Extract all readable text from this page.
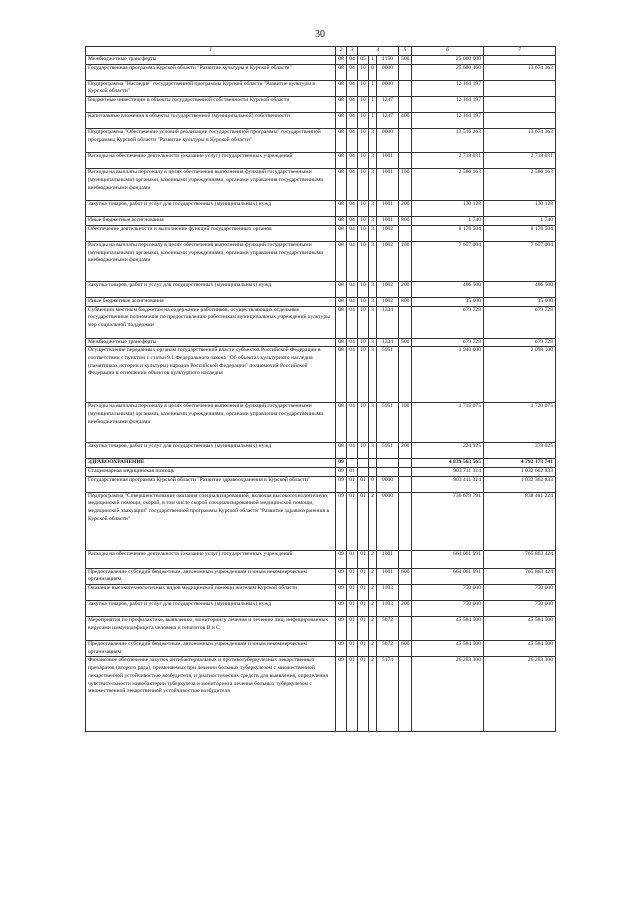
30
1	2	3	4			5	6	7
Межбюджетные трансферты	08	04	05	1	1150	500	25 000 000	
Государственная программа Курской области "Развитие культуры в Курской области"	08	04	10	0	0000		25 680 460	13 674 363
Подпрограмма "Наследие" государственной программы Курской области "Развитие культуры в Курской области"	08	04	10	1	0000		12 164 197	
Бюджетные инвестиции в объекты государственной собственности Курской области	08	04	10	1	1247		12 164 197	
Капитальные вложения в объекты государственной (муниципальной) собственности	08	04	10	1	1247	400	12 164 197	
Подпрограмма "Обеспечение условий реализации государственной программы" государственной программы Курской области "Развитие культуры в Курской области"	08	04	10	3	0000		13 516 263	13 674 363
Расходы на обеспечение деятельности (оказание услуг) государственных учреждений	08	04	10	3	1001		2 718 031	2 718 031
Расходы на выплаты персоналу в целях обеспечения выполнения функций государственными (муниципальными) органами, казенными учреждениями, органами управления государственными внебюджетными фондами	08	04	10	3	1001	100	2 586 163	2 586 163
Закупка товаров, работ и услуг для государственных (муниципальных) нужд	08	04	10	3	1001	200	130 128	130 128
Иные бюджетные ассигнования	08	04	10	3	1001	800	1 740	1 740
Обеспечение деятельности и выполнение функций государственных органов	08	04	10	3	1002		8 178 504	8 178 504
Расходы на выплаты персоналу в целях обеспечения выполнения функций государственными (муниципальными) органами, казенными учреждениями, органами управления государственными внебюджетными фондами	08	04	10	3	1002	100	7 657 004	7 657 004
Закупка товаров, работ и услуг для государственных (муниципальных) нужд	08	04	10	3	1002	200	486 500	486 500
Иные бюджетные ассигнования	08	04	10	3	1002	800	35 000	35 000
Субвенции местным бюджетам на содержание работников, осуществляющих отдельные государственные полномочия по предоставлению работникам муниципальных учреждений культуры мер социальной поддержки	08	04	10	3	1334		679 728	679 728
Межбюджетные трансферты	08	04	10	3	1334	500	679 728	679 728
Осуществление переданных органам государственной власти субъектов Российской Федерации в соответствии с пунктом 1 статьи 9.1 Федерального закона "Об объектах культурного наследия (памятниках истории и культуры) народов Российской Федерации" полномочий Российской Федерации в отношении объектов культурного наследия	08	04	10	3	5951		1 940 000	2 098 100
Расходы на выплаты персоналу в целях обеспечения выполнения функций государственными (муниципальными) органами, казенными учреждениями, органами управления государственными внебюджетными фондами	08	04	10	3	5951	100	1 715 075	1 720 075
Закупка товаров, работ и услуг для государственных (муниципальных) нужд	08	04	10	3	5951	200	224 925	378 025
ЗДРАВООХРАНЕНИЕ	09						4 839 563 565	4 792 173 741
Стационарная медицинская помощь	09	01					903 711 314	1 032 662 833
Государственная программа Курской области "Развитие здравоохранения в Курской области"	09	01	01	0	0000		903 411 314	1 032 362 833
Подпрограмма "Совершенствование оказания специализированной, включая высокотехнологичную, медицинской помощи, скорой, в том числе скорой специализированной медицинской помощи, медицинской эвакуации" государственной программы Курской области "Развитие здравоохранения в Курской области"	09	01	01	2	0000		736 679 791	838 481 224
Расходы на обеспечение деятельности (оказание услуг) государственных учреждений	09	01	01	2	1001		664 061 991	765 863 424
Предоставление субсидий бюджетным, автономным учреждениям и иным некоммерческим организациям	09	01	01	2	1001	600	664 061 991	765 863 424
Оказание высокотехнологичных видов медицинской помощи жителям Курской области	09	01	01	2	1103		750 000	750 000
Закупка товаров, работ и услуг для государственных (муниципальных) нужд	09	01	01	2	1103	200	750 000	750 000
Мероприятия по профилактике, выявлению, мониторингу лечения и лечению лиц, инфицированных вирусами иммунодефицита человека и гепатитов В и С	09	01	01	2	5072		45 584 500	45 584 500
Предоставление субсидий бюджетным, автономным учреждениям и иным некоммерческим организациям	09	01	01	2	5072	600	45 584 500	45 584 500
Финансовое обеспечение закупок антибактериальных и противотуберкулезных лекарственных препаратов (второго ряда), применяемых при лечении больных туберкулезом с множественной лекарственной устойчивостью возбудителя, и диагностических средств для выявления, определения чувствительности микобактерии туберкулеза и мониторинга лечения больных туберкулезом с множественной лекарственной устойчивостью возбудителя	09	01	01	2	5174		26 283 300	26 283 300
